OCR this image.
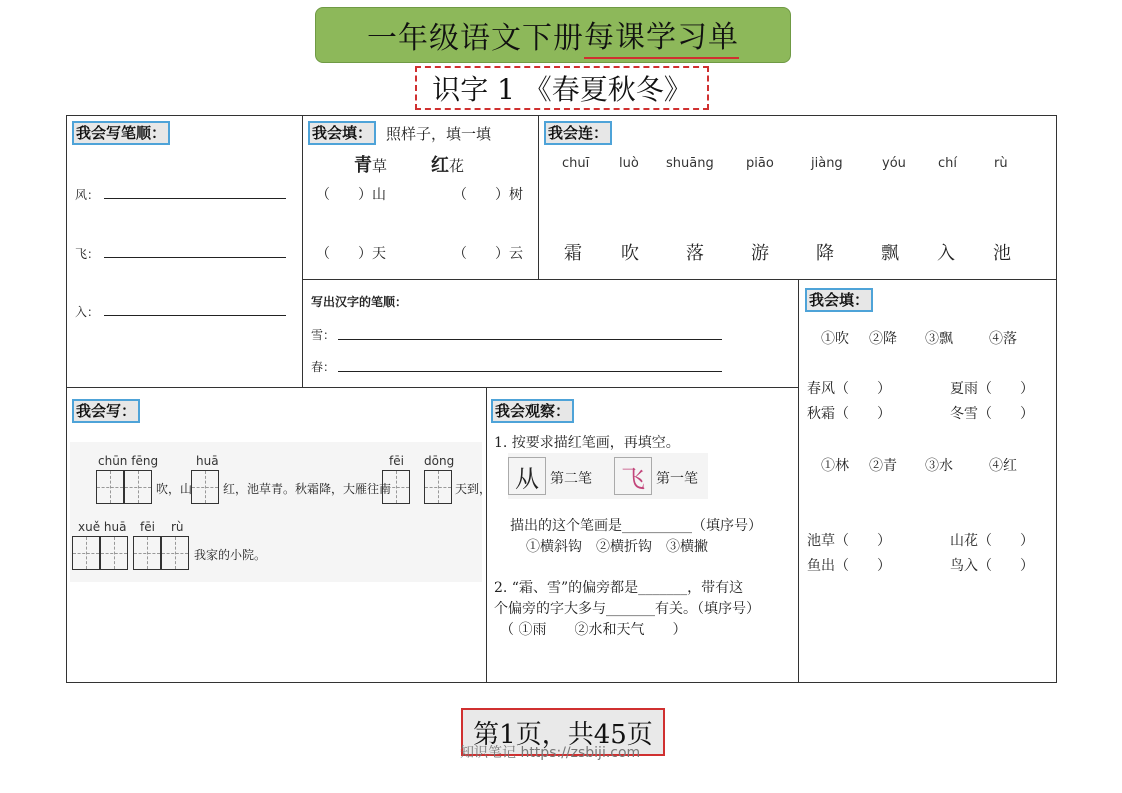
一年级语文下册 每课学习单
识字 1 《春夏秋冬》
我会写笔顺：
风：
飞：
入：
我会填： 照样子，填一填
青草 红花
（　　）山	（　　）树
（　　）天	（　　）云
我会连：
chuī luò shuāng piāo	jiàng	yóu chí	rù
霜 吹	落	游	降	飘 入 池
写出汉字的笔顺：
雪：
春：
我会填：
①吹 ②降 ③飘	④落
春风（　　）	夏雨（　　）
秋霜（　　）	冬雪（　　）
①林 ②青 ③水	④红
池草（　　）	山花（　　）
鱼出（　　）	鸟入（　　）
我会写：
chūn fēng	huā	fēi dōng
吹，山	红，池草青。秋霜降，大雁往南	天到，
xuě huā fēi rù
我家的小院。
我会观察：
1. 按要求描红笔画，再填空。
从 第二笔 飞 第一笔
描出的这个笔画是__________（填序号）
①横斜钩　②横折钩　③横撇
2. “霜、雪”的偏旁都是_______，带有这
个偏旁的字大多与_______有关。（填序号）
（ ①雨　　②水和天气　　）
第1页，共45页
知识笔记 https://zsbiji.com
